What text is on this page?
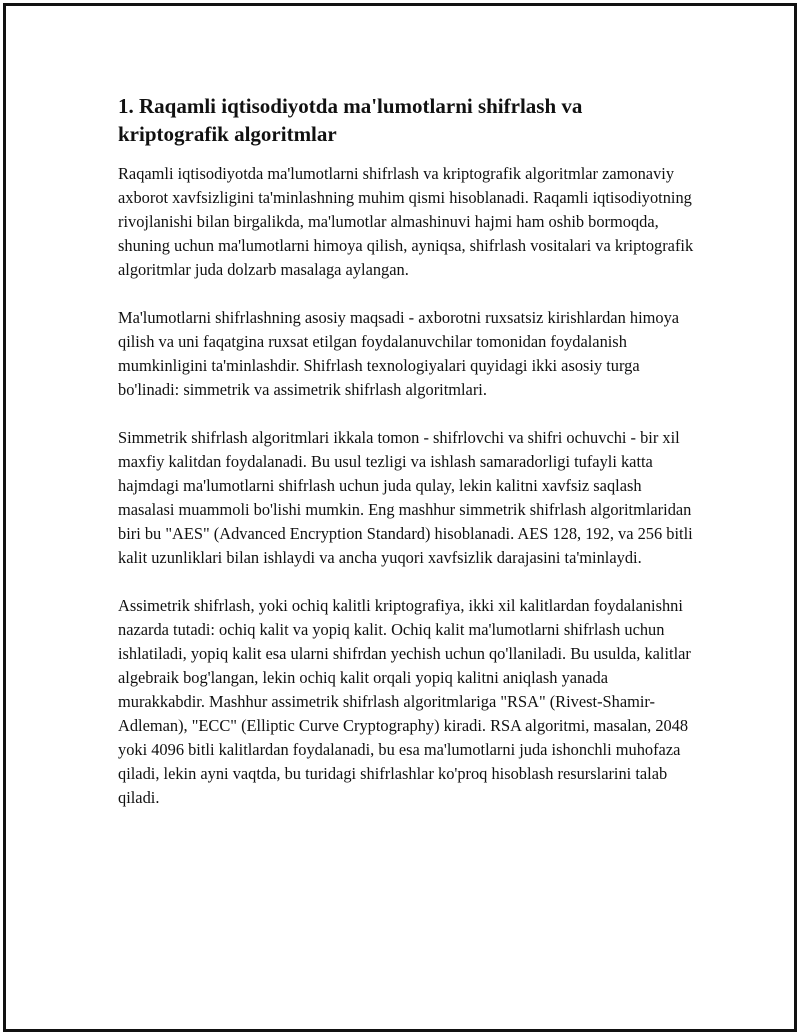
1. Raqamli iqtisodiyotda ma'lumotlarni shifrlash va kriptografik algoritmlar

Raqamli iqtisodiyotda ma'lumotlarni shifrlash va kriptografik algoritmlar zamonaviy axborot xavfsizligini ta'minlashning muhim qismi hisoblanadi. Raqamli iqtisodiyotning rivojlanishi bilan birgalikda, ma'lumotlar almashinuvi hajmi ham oshib bormoqda, shuning uchun ma'lumotlarni himoya qilish, ayniqsa, shifrlash vositalari va kriptografik algoritmlar juda dolzarb masalaga aylangan.

Ma'lumotlarni shifrlashning asosiy maqsadi - axborotni ruxsatsiz kirishlardan himoya qilish va uni faqatgina ruxsat etilgan foydalanuvchilar tomonidan foydalanish mumkinligini ta'minlashdir. Shifrlash texnologiyalari quyidagi ikki asosiy turga bo'linadi: simmetrik va assimetrik shifrlash algoritmlari.

Simmetrik shifrlash algoritmlari ikkala tomon - shifrlovchi va shifri ochuvchi - bir xil maxfiy kalitdan foydalanadi. Bu usul tezligi va ishlash samaradorligi tufayli katta hajmdagi ma'lumotlarni shifrlash uchun juda qulay, lekin kalitni xavfsiz saqlash masalasi muammoli bo'lishi mumkin. Eng mashhur simmetrik shifrlash algoritmlaridan biri bu "AES" (Advanced Encryption Standard) hisoblanadi. AES 128, 192, va 256 bitli kalit uzunliklari bilan ishlaydi va ancha yuqori xavfsizlik darajasini ta'minlaydi.

Assimetrik shifrlash, yoki ochiq kalitli kriptografiya, ikki xil kalitlardan foydalanishni nazarda tutadi: ochiq kalit va yopiq kalit. Ochiq kalit ma'lumotlarni shifrlash uchun ishlatiladi, yopiq kalit esa ularni shifrdan yechish uchun qo'llaniladi. Bu usulda, kalitlar algebraik bog'langan, lekin ochiq kalit orqali yopiq kalitni aniqlash yanada murakkabdir. Mashhur assimetrik shifrlash algoritmlariga "RSA" (Rivest-Shamir-Adleman), "ECC" (Elliptic Curve Cryptography) kiradi. RSA algoritmi, masalan, 2048 yoki 4096 bitli kalitlardan foydalanadi, bu esa ma'lumotlarni juda ishonchli muhofaza qiladi, lekin ayni vaqtda, bu turidagi shifrlashlar ko'proq hisoblash resurslarini talab qiladi.
